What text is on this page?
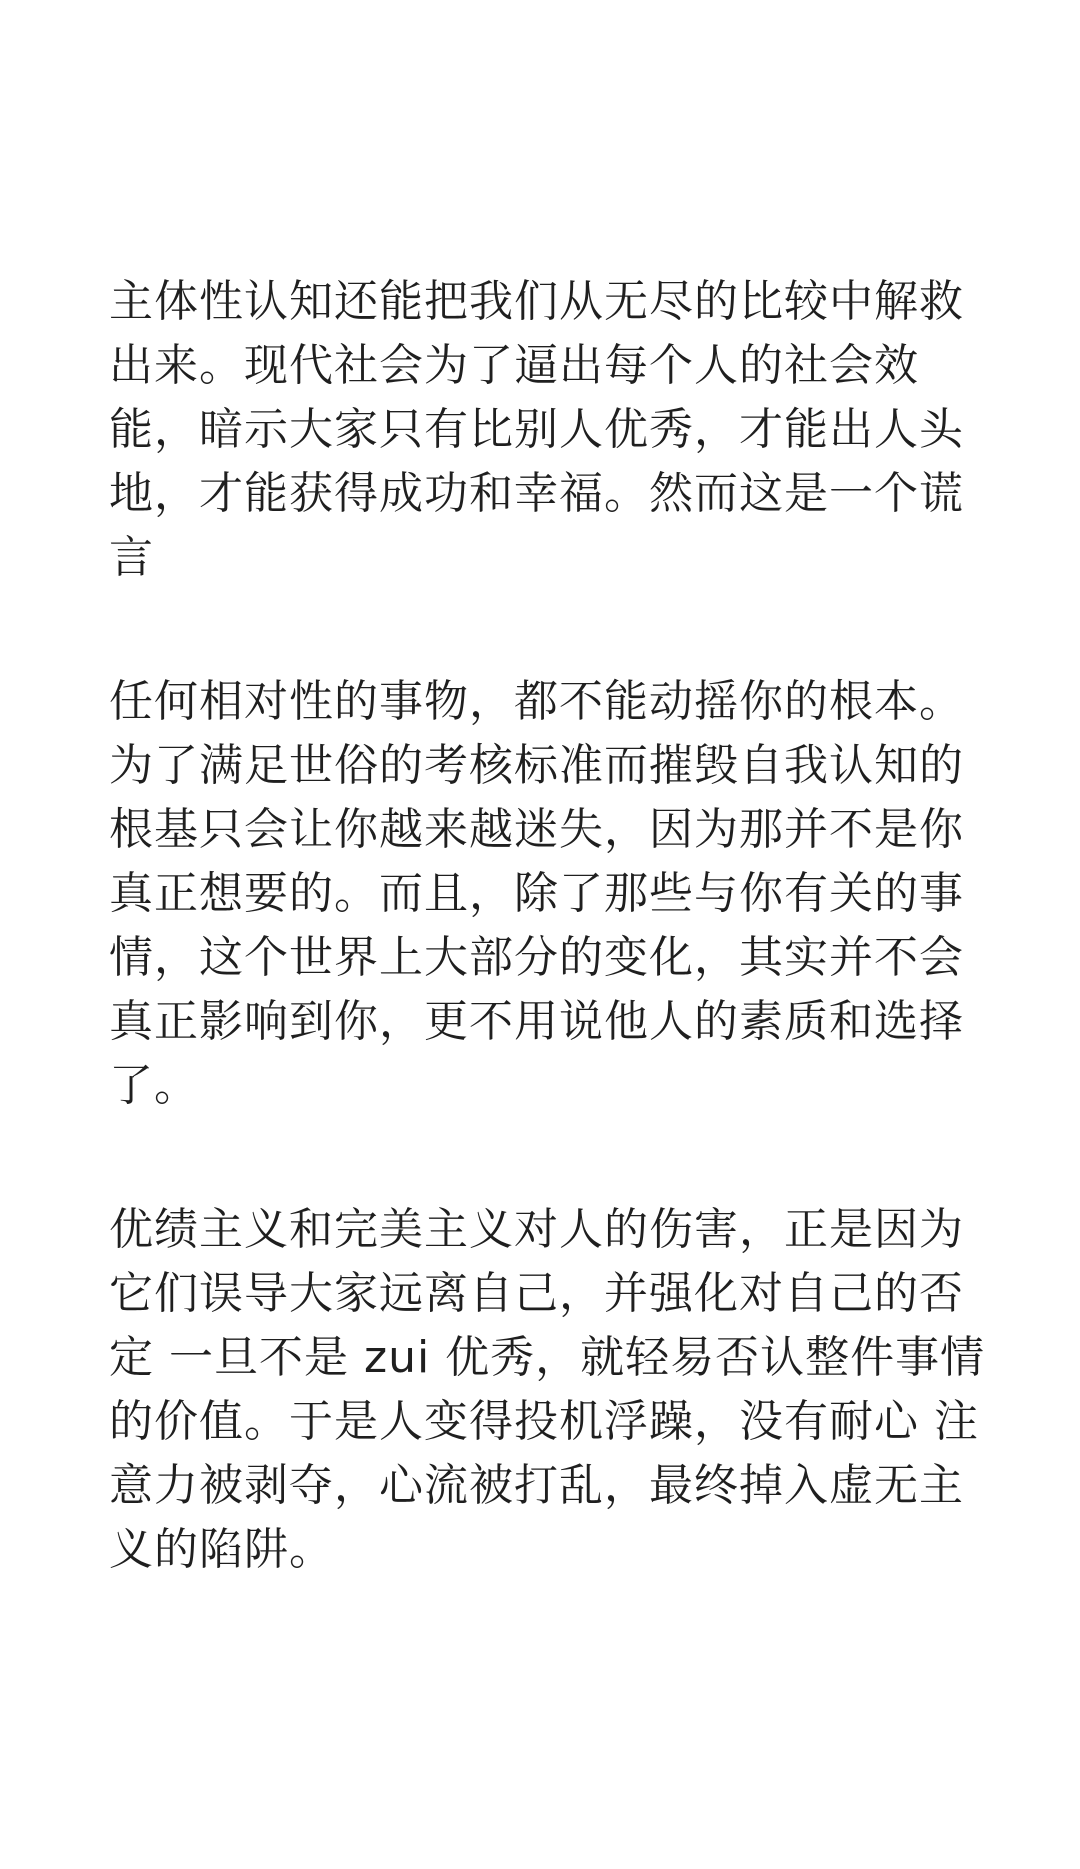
主体性认知还能把我们从无尽的比较中解救出来。现代社会为了逼出每个人的社会效能，暗示大家只有比别人优秀，才能出人头地，才能获得成功和幸福。然而这是一个谎言

任何相对性的事物，都不能动摇你的根本。为了满足世俗的考核标准而摧毁自我认知的根基只会让你越来越迷失，因为那并不是你真正想要的。而且，除了那些与你有关的事情，这个世界上大部分的变化，其实并不会真正影响到你，更不用说他人的素质和选择了。

优绩主义和完美主义对人的伤害，正是因为它们误导大家远离自己，并强化对自己的否定 一旦不是 zui 优秀，就轻易否认整件事情的价值。于是人变得投机浮躁，没有耐心 注意力被剥夺，心流被打乱，最终掉入虚无主义的陷阱。
